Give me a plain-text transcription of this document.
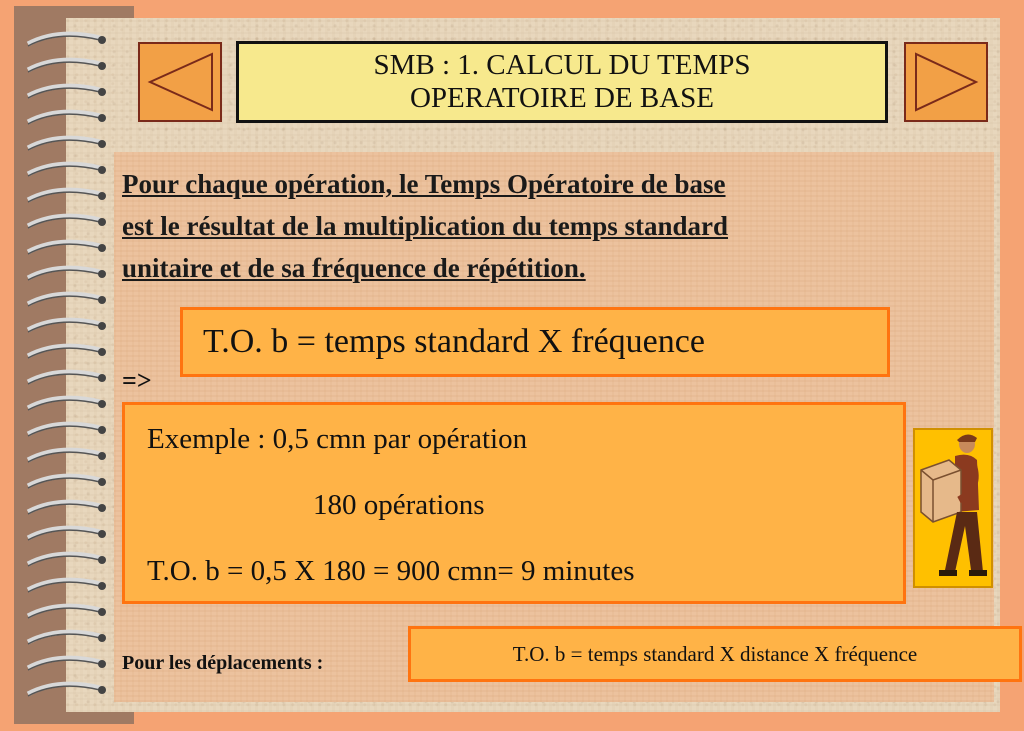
SMB : 1. CALCUL DU TEMPS
OPERATOIRE DE BASE
Pour chaque opération, le Temps Opératoire de base
est le résultat de la multiplication du temps standard
unitaire et de sa fréquence de répétition.
T.O. b = temps standard X fréquence
=>
Exemple : 0,5 cmn par opération
180 opérations
T.O. b = 0,5 X 180 = 900 cmn= 9 minutes
Pour les déplacements :	T.O. b = temps standard X distance X fréquence
